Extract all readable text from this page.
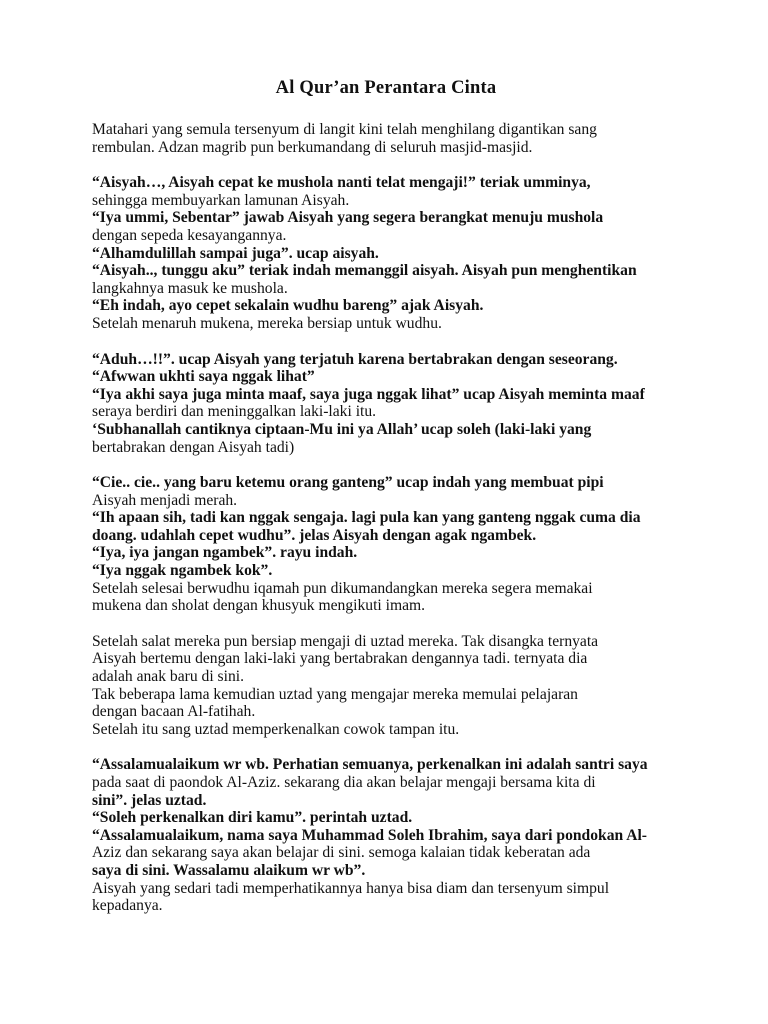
Al Qur’an Perantara Cinta
Matahari yang semula tersenyum di langit kini telah menghilang digantikan sang
rembulan. Adzan magrib pun berkumandang di seluruh masjid-masjid.
“Aisyah…, Aisyah cepat ke mushola nanti telat mengaji!” teriak umminya,
sehingga membuyarkan lamunan Aisyah.
“Iya ummi, Sebentar” jawab Aisyah yang segera berangkat menuju mushola
dengan sepeda kesayangannya.
“Alhamdulillah sampai juga”. ucap aisyah.
“Aisyah.., tunggu aku” teriak indah memanggil aisyah. Aisyah pun menghentikan
langkahnya masuk ke mushola.
“Eh indah, ayo cepet sekalain wudhu bareng” ajak Aisyah.
Setelah menaruh mukena, mereka bersiap untuk wudhu.
“Aduh…!!”. ucap Aisyah yang terjatuh karena bertabrakan dengan seseorang.
“Afwwan ukhti saya nggak lihat”
“Iya akhi saya juga minta maaf, saya juga nggak lihat” ucap Aisyah meminta maaf
seraya berdiri dan meninggalkan laki-laki itu.
‘Subhanallah cantiknya ciptaan-Mu ini ya Allah’ ucap soleh (laki-laki yang
bertabrakan dengan Aisyah tadi)
“Cie.. cie.. yang baru ketemu orang ganteng” ucap indah yang membuat pipi
Aisyah menjadi merah.
“Ih apaan sih, tadi kan nggak sengaja. lagi pula kan yang ganteng nggak cuma dia
doang. udahlah cepet wudhu”. jelas Aisyah dengan agak ngambek.
“Iya, iya jangan ngambek”. rayu indah.
“Iya nggak ngambek kok”.
Setelah selesai berwudhu iqamah pun dikumandangkan mereka segera memakai
mukena dan sholat dengan khusyuk mengikuti imam.
Setelah salat mereka pun bersiap mengaji di uztad mereka. Tak disangka ternyata
Aisyah bertemu dengan laki-laki yang bertabrakan dengannya tadi. ternyata dia
adalah anak baru di sini.
Tak beberapa lama kemudian uztad yang mengajar mereka memulai pelajaran
dengan bacaan Al-fatihah.
Setelah itu sang uztad memperkenalkan cowok tampan itu.
“Assalamualaikum wr wb. Perhatian semuanya, perkenalkan ini adalah santri saya
pada saat di paondok Al-Aziz. sekarang dia akan belajar mengaji bersama kita di
sini”. jelas uztad.
“Soleh perkenalkan diri kamu”. perintah uztad.
“Assalamualaikum, nama saya Muhammad Soleh Ibrahim, saya dari pondokan Al-
Aziz dan sekarang saya akan belajar di sini. semoga kalaian tidak keberatan ada
saya di sini. Wassalamu alaikum wr wb”.
Aisyah yang sedari tadi memperhatikannya hanya bisa diam dan tersenyum simpul
kepadanya.
